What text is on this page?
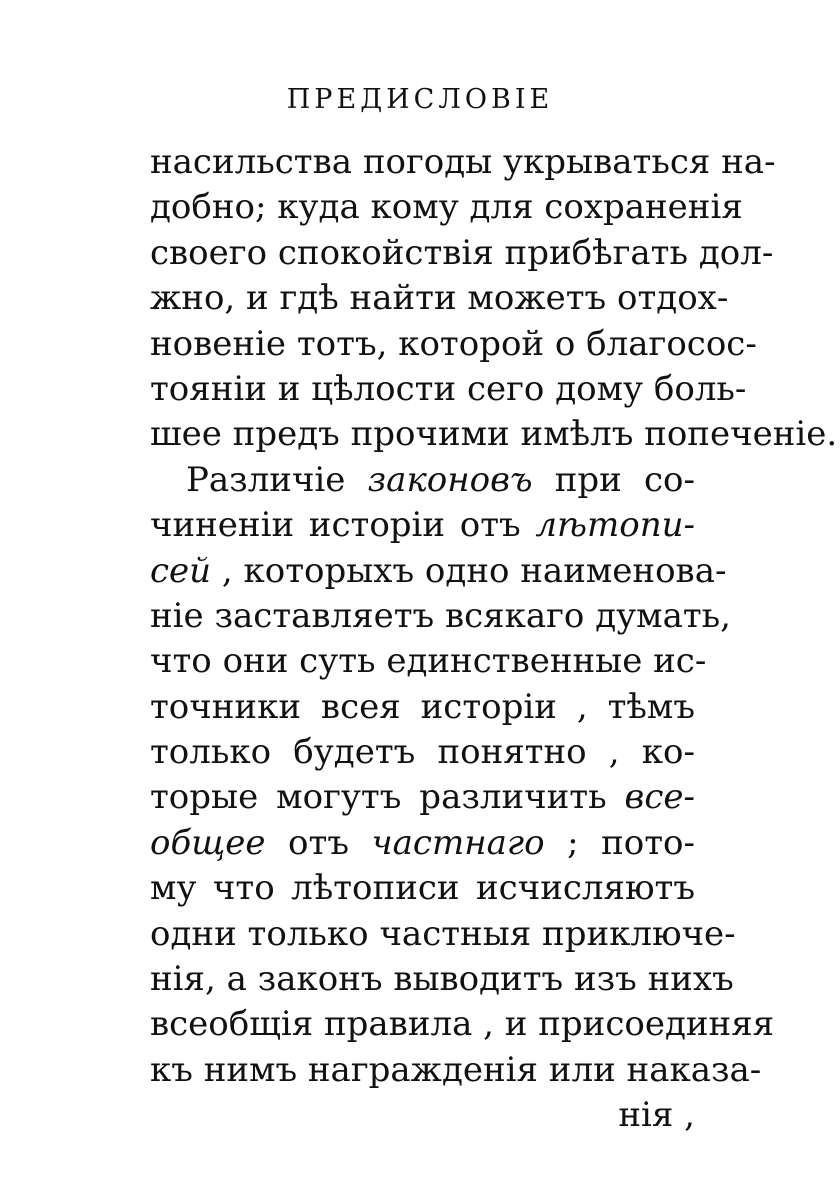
ПРЕДИСЛОВІЕ
насильства погоды укрываться на-
добно; куда кому для сохраненія
своего спокойствія прибѣгать дол-
жно, и гдѣ найти можетъ отдох-
новеніе тотъ, которой о благосос-
тояніи и цѣлости сего дому боль-
шее предъ прочими имѣлъ попеченіе.
Различіе законовъ при со-
чиненіи исторіи отъ лѣтопи-
сей , которыхъ одно наименова-
ніе заставляетъ всякаго думать,
что они суть единственные ис-
точники всея исторіи , тѣмъ
только будетъ понятно , ко-
торые могутъ различить все-
общее отъ частнаго ; пото-
му что лѣтописи исчисляютъ
одни только частныя приключе-
нія, а законъ выводитъ изъ нихъ
всеобщія правила , и присоединяя
къ нимъ награжденія или наказа-
нія ,
